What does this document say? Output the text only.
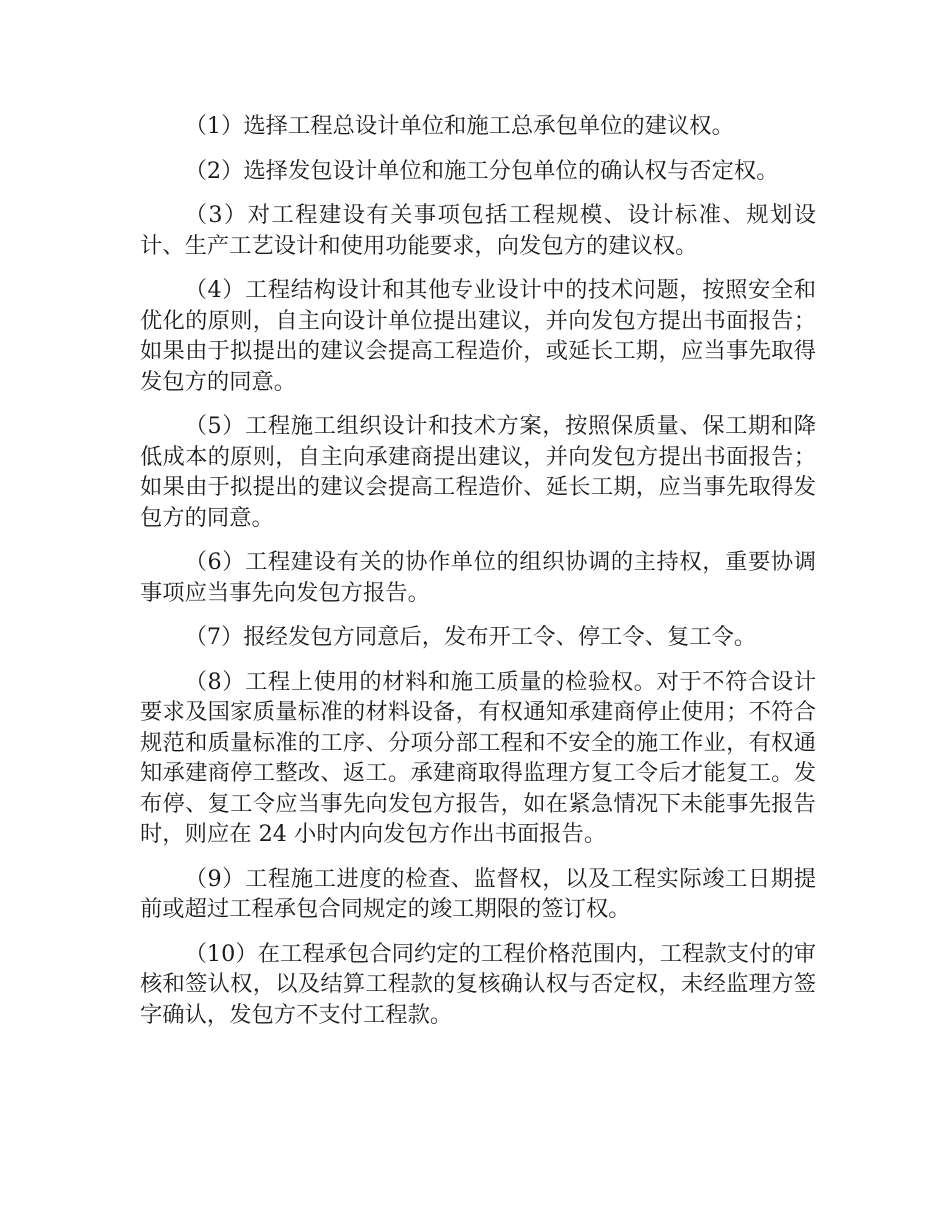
（1）选择工程总设计单位和施工总承包单位的建议权。

（2）选择发包设计单位和施工分包单位的确认权与否定权。

（3）对工程建设有关事项包括工程规模、设计标准、规划设计、生产工艺设计和使用功能要求，向发包方的建议权。

（4）工程结构设计和其他专业设计中的技术问题，按照安全和优化的原则，自主向设计单位提出建议，并向发包方提出书面报告；如果由于拟提出的建议会提高工程造价，或延长工期，应当事先取得发包方的同意。

（5）工程施工组织设计和技术方案，按照保质量、保工期和降低成本的原则，自主向承建商提出建议，并向发包方提出书面报告；如果由于拟提出的建议会提高工程造价、延长工期，应当事先取得发包方的同意。

（6）工程建设有关的协作单位的组织协调的主持权，重要协调事项应当事先向发包方报告。

（7）报经发包方同意后，发布开工令、停工令、复工令。

（8）工程上使用的材料和施工质量的检验权。对于不符合设计要求及国家质量标准的材料设备，有权通知承建商停止使用；不符合规范和质量标准的工序、分项分部工程和不安全的施工作业，有权通知承建商停工整改、返工。承建商取得监理方复工令后才能复工。发布停、复工令应当事先向发包方报告，如在紧急情况下未能事先报告时，则应在 24 小时内向发包方作出书面报告。

（9）工程施工进度的检查、监督权，以及工程实际竣工日期提前或超过工程承包合同规定的竣工期限的签订权。

（10）在工程承包合同约定的工程价格范围内，工程款支付的审核和签认权，以及结算工程款的复核确认权与否定权，未经监理方签字确认，发包方不支付工程款。
